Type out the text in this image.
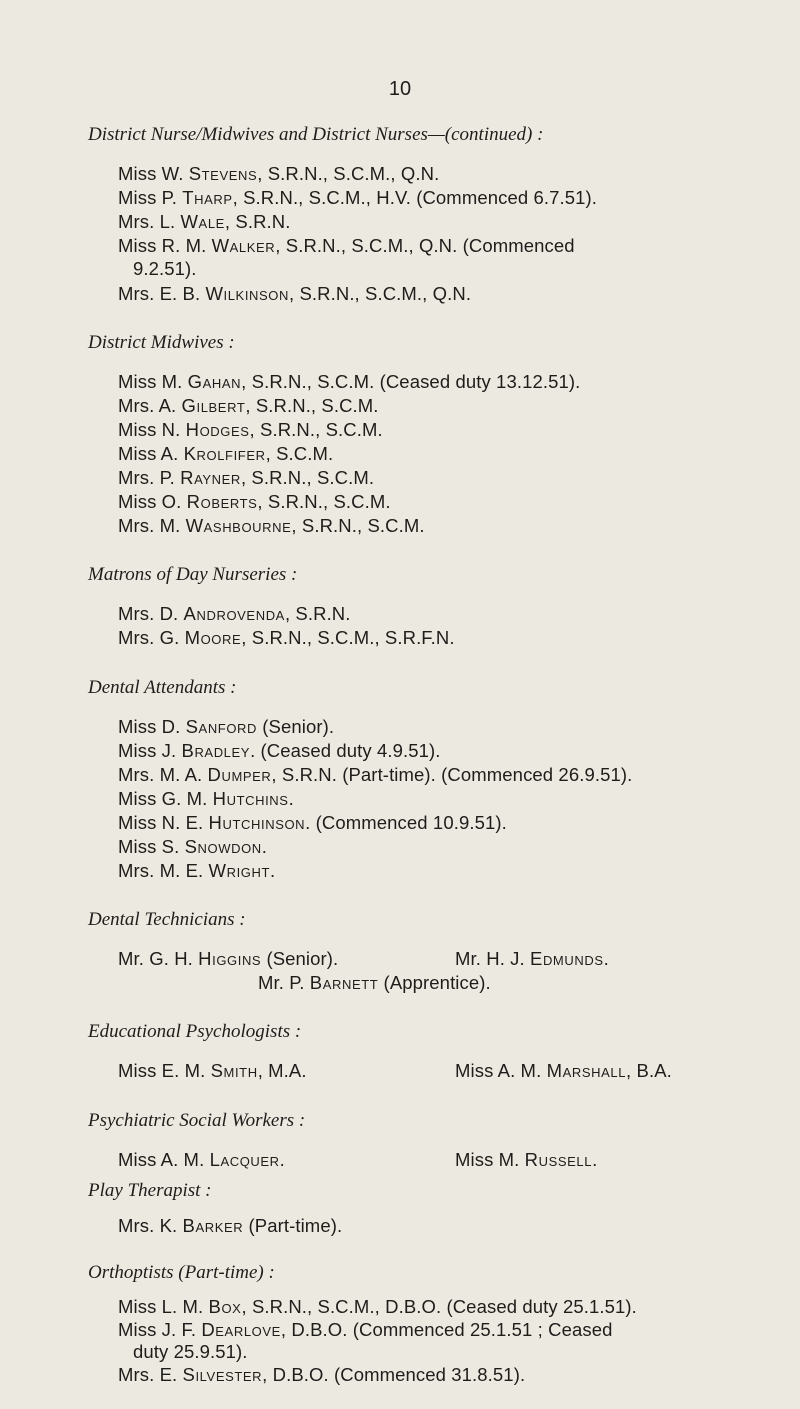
10
District Nurse/Midwives and District Nurses—(continued) :
Miss W. Stevens, S.R.N., S.C.M., Q.N.
Miss P. Tharp, S.R.N., S.C.M., H.V. (Commenced 6.7.51).
Mrs. L. Wale, S.R.N.
Miss R. M. Walker, S.R.N., S.C.M., Q.N. (Commenced
9.2.51).
Mrs. E. B. Wilkinson, S.R.N., S.C.M., Q.N.
District Midwives :
Miss M. Gahan, S.R.N., S.C.M. (Ceased duty 13.12.51).
Mrs. A. Gilbert, S.R.N., S.C.M.
Miss N. Hodges, S.R.N., S.C.M.
Miss A. Krolfifer, S.C.M.
Mrs. P. Rayner, S.R.N., S.C.M.
Miss O. Roberts, S.R.N., S.C.M.
Mrs. M. Washbourne, S.R.N., S.C.M.
Matrons of Day Nurseries :
Mrs. D. Androvenda, S.R.N.
Mrs. G. Moore, S.R.N., S.C.M., S.R.F.N.
Dental Attendants :
Miss D. Sanford (Senior).
Miss J. Bradley. (Ceased duty 4.9.51).
Mrs. M. A. Dumper, S.R.N. (Part-time). (Commenced 26.9.51).
Miss G. M. Hutchins.
Miss N. E. Hutchinson. (Commenced 10.9.51).
Miss S. Snowdon.
Mrs. M. E. Wright.
Dental Technicians :
Mr. G. H. Higgins (Senior).	Mr. H. J. Edmunds.
Mr. P. Barnett (Apprentice).
Educational Psychologists :
Miss E. M. Smith, M.A.	Miss A. M. Marshall, B.A.
Psychiatric Social Workers :
Miss A. M. Lacquer.	Miss M. Russell.
Play Therapist :
Mrs. K. Barker (Part-time).
Orthoptists (Part-time) :
Miss L. M. Box, S.R.N., S.C.M., D.B.O. (Ceased duty 25.1.51).
Miss J. F. Dearlove, D.B.O. (Commenced 25.1.51 ; Ceased
duty 25.9.51).
Mrs. E. Silvester, D.B.O. (Commenced 31.8.51).
